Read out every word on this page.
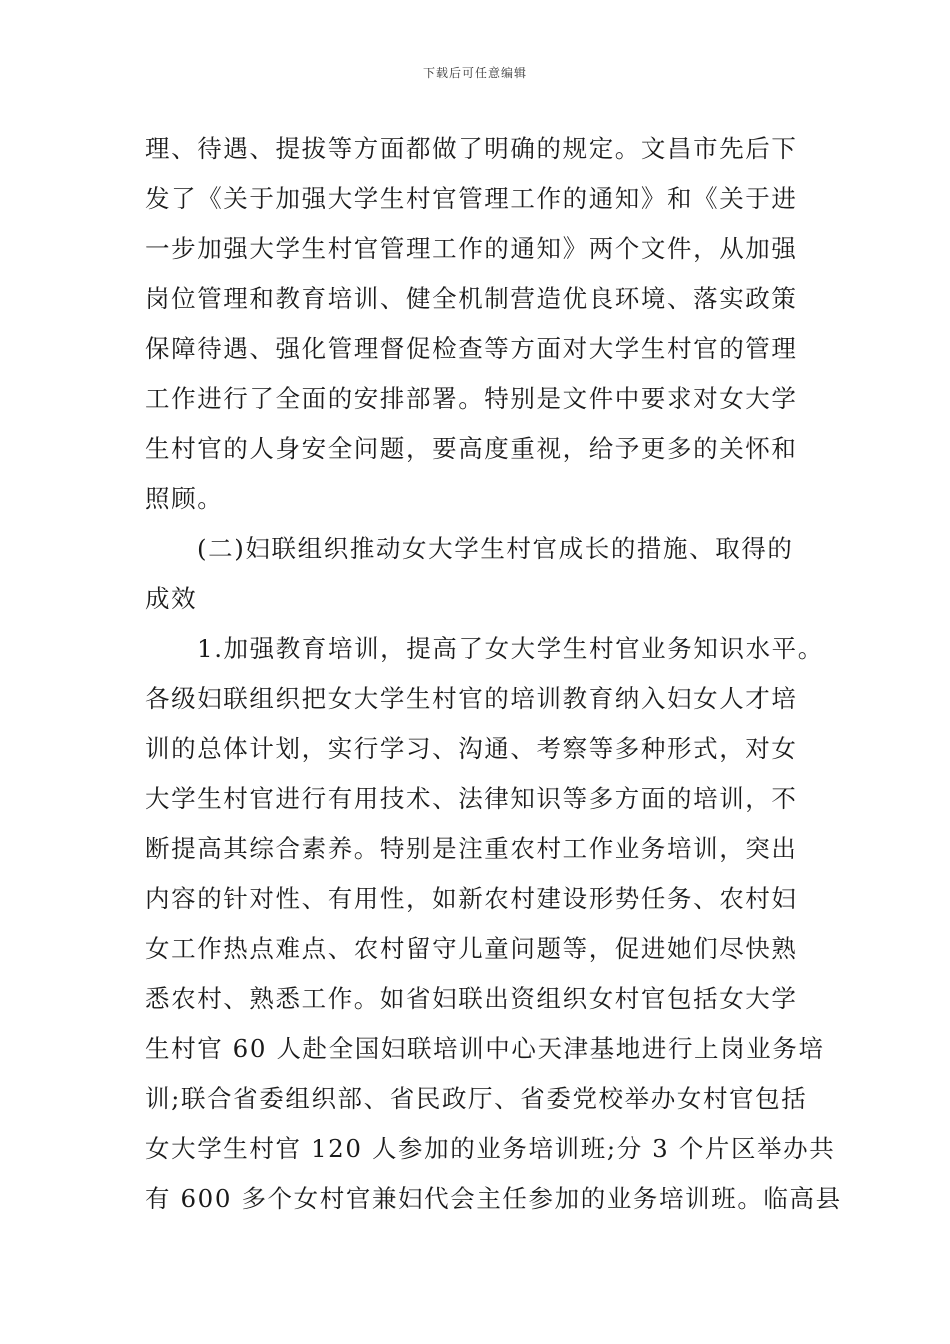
下载后可任意编辑
理、待遇、提拔等方面都做了明确的规定。文昌市先后下
发了《关于加强大学生村官管理工作的通知》和《关于进
一步加强大学生村官管理工作的通知》两个文件，从加强
岗位管理和教育培训、健全机制营造优良环境、落实政策
保障待遇、强化管理督促检查等方面对大学生村官的管理
工作进行了全面的安排部署。特别是文件中要求对女大学
生村官的人身安全问题，要高度重视，给予更多的关怀和
照顾。
(二)妇联组织推动女大学生村官成长的措施、取得的
成效
1.加强教育培训，提高了女大学生村官业务知识水平。
各级妇联组织把女大学生村官的培训教育纳入妇女人才培
训的总体计划，实行学习、沟通、考察等多种形式，对女
大学生村官进行有用技术、法律知识等多方面的培训，不
断提高其综合素养。特别是注重农村工作业务培训，突出
内容的针对性、有用性，如新农村建设形势任务、农村妇
女工作热点难点、农村留守儿童问题等，促进她们尽快熟
悉农村、熟悉工作。如省妇联出资组织女村官包括女大学
生村官 60 人赴全国妇联培训中心天津基地进行上岗业务培
训;联合省委组织部、省民政厅、省委党校举办女村官包括
女大学生村官 120 人参加的业务培训班;分 3 个片区举办共
有 600 多个女村官兼妇代会主任参加的业务培训班。临高县
